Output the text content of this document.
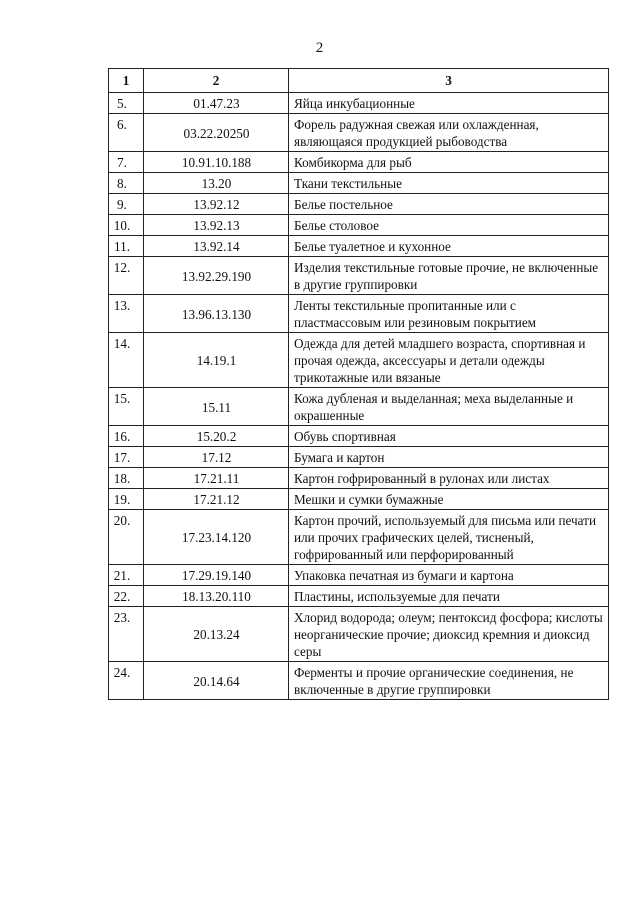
2
1	2	3
5.	01.47.23	Яйца инкубационные
6.	03.22.20250	Форель радужная свежая или охлажденная, являющаяся продукцией рыбоводства
7.	10.91.10.188	Комбикорма для рыб
8.	13.20	Ткани текстильные
9.	13.92.12	Белье постельное
10.	13.92.13	Белье столовое
11.	13.92.14	Белье туалетное и кухонное
12.	13.92.29.190	Изделия текстильные готовые прочие, не включенные в другие группировки
13.	13.96.13.130	Ленты текстильные пропитанные или с пластмассовым или резиновым покрытием
14.	14.19.1	Одежда для детей младшего возраста, спортивная и прочая одежда, аксессуары и детали одежды трикотажные или вязаные
15.	15.11	Кожа дубленая и выделанная; меха выделанные и окрашенные
16.	15.20.2	Обувь спортивная
17.	17.12	Бумага и картон
18.	17.21.11	Картон гофрированный в рулонах или листах
19.	17.21.12	Мешки и сумки бумажные
20.	17.23.14.120	Картон прочий, используемый для письма или печати или прочих графических целей, тисненый, гофрированный или перфорированный
21.	17.29.19.140	Упаковка печатная из бумаги и картона
22.	18.13.20.110	Пластины, используемые для печати
23.	20.13.24	Хлорид водорода; олеум; пентоксид фосфора; кислоты неорганические прочие; диоксид кремния и диоксид серы
24.	20.14.64	Ферменты и прочие органические соединения, не включенные в другие группировки
